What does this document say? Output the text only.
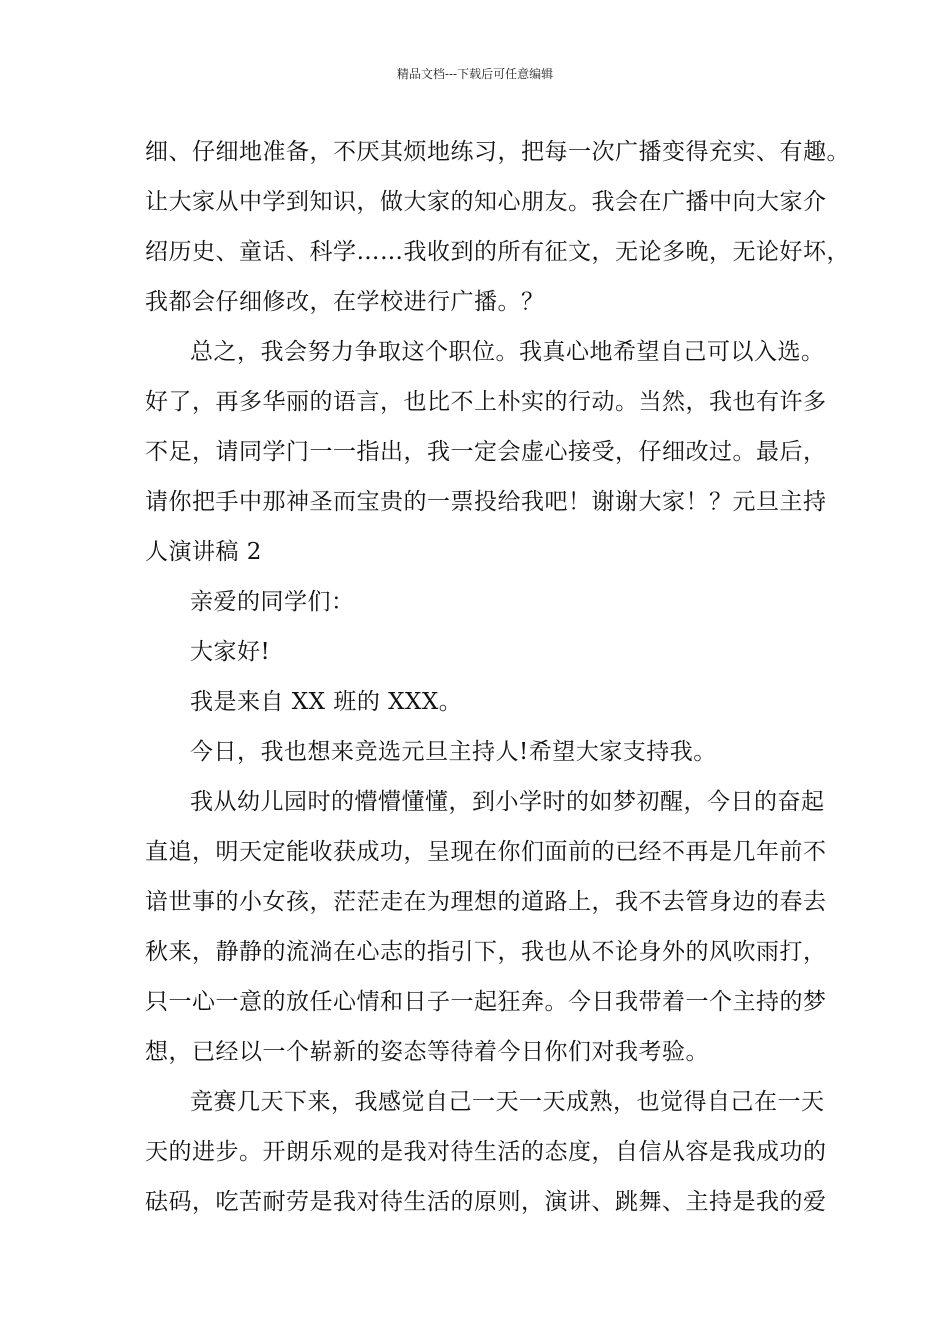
精品文档---下载后可任意编辑
细、仔细地准备，不厌其烦地练习，把每一次广播变得充实、有趣。
让大家从中学到知识，做大家的知心朋友。我会在广播中向大家介
绍历史、童话、科学……我收到的所有征文，无论多晚，无论好坏，
我都会仔细修改，在学校进行广播。？
总之，我会努力争取这个职位。我真心地希望自己可以入选。
好了，再多华丽的语言，也比不上朴实的行动。当然，我也有许多
不足，请同学门一一指出，我一定会虚心接受，仔细改过。最后，
请你把手中那神圣而宝贵的一票投给我吧！谢谢大家！？元旦主持
人演讲稿 2
亲爱的同学们：
大家好!
我是来自 XX 班的 XXX。
今日，我也想来竞选元旦主持人!希望大家支持我。
我从幼儿园时的懵懵懂懂，到小学时的如梦初醒，今日的奋起
直追，明天定能收获成功，呈现在你们面前的已经不再是几年前不
谙世事的小女孩，茫茫走在为理想的道路上，我不去管身边的春去
秋来，静静的流淌在心志的指引下，我也从不论身外的风吹雨打，
只一心一意的放任心情和日子一起狂奔。今日我带着一个主持的梦
想，已经以一个崭新的姿态等待着今日你们对我考验。
竞赛几天下来，我感觉自己一天一天成熟，也觉得自己在一天
天的进步。开朗乐观的是我对待生活的态度，自信从容是我成功的
砝码，吃苦耐劳是我对待生活的原则，演讲、跳舞、主持是我的爱
